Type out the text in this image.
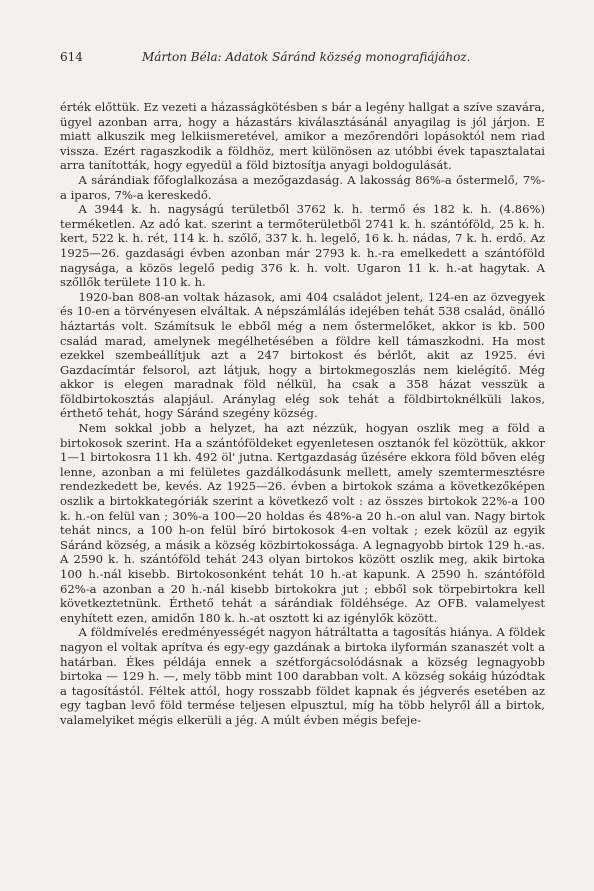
614	Márton Béla: Adatok Sáránd község monografiájához.

érték előttük. Ez vezeti a házasságkötésben s bár a legény hallgat a szíve szavára, ügyel azonban arra, hogy a házastárs kiválasztásánál anyagilag is jól járjon. E miatt alkuszik meg lelkiismeretével, amikor a mezőrendőri lopásoktól nem riad vissza. Ezért ragaszkodik a földhöz, mert különösen az utóbbi évek tapasztalatai arra tanították, hogy egyedül a föld biztosítja anyagi boldogulását.

A sárándiak főfoglalkozása a mezőgazdaság. A lakosság 86%-a őstermelő, 7%-a iparos, 7%-a kereskedő.

A 3944 k. h. nagyságú területből 3762 k. h. termő és 182 k. h. (4.86%) terméketlen. Az adó kat. szerint a termőterületből 2741 k. h. szántóföld, 25 k. h. kert, 522 k. h. rét, 114 k. h. szőlő, 337 k. h. legelő, 16 k. h. nádas, 7 k. h. erdő. Az 1925—26. gazdasági évben azonban már 2793 k. h.-ra emelkedett a szántóföld nagysága, a közös legelő pedig 376 k. h. volt. Ugaron 11 k. h.-at hagytak. A szőllők területe 110 k. h.

1920-ban 808-an voltak házasok, ami 404 családot jelent, 124-en az özvegyek és 10-en a törvényesen elváltak. A népszámlálás idejében tehát 538 család, önálló háztartás volt. Számítsuk le ebből még a nem őstermelőket, akkor is kb. 500 család marad, amelynek megélhetésében a földre kell támaszkodni. Ha most ezekkel szembeállítjuk azt a 247 birtokost és bérlőt, akit az 1925. évi Gazdacímtár felsorol, azt látjuk, hogy a birtokmegoszlás nem kielégítő. Még akkor is elegen maradnak föld nélkül, ha csak a 358 házat vesszük a földbirtokosztás alapjául. Aránylag elég sok tehát a földbirtoknélküli lakos, érthető tehát, hogy Sáránd szegény község.

Nem sokkal jobb a helyzet, ha azt nézzük, hogyan oszlik meg a föld a birtokosok szerint. Ha a szántóföldeket egyenletesen osztanók fel közöttük, akkor 1—1 birtokosra 11 kh. 492 öl' jutna. Kertgazdaság űzésére ekkora föld bőven elég lenne, azonban a mi felületes gazdálkodásunk mellett, amely szemtermesztésre rendezkedett be, kevés. Az 1925—26. évben a birtokok száma a következőképen oszlik a birtokkategóriák szerint a következő volt : az összes birtokok 22%-a 100 k. h.-on felül van ; 30%-a 100—20 holdas és 48%-a 20 h.-on alul van. Nagy birtok tehát nincs, a 100 h-on felül bíró birtokosok 4-en voltak ; ezek közül az egyik Sáránd község, a másik a község közbirtokossága. A legnagyobb birtok 129 h.-as. A 2590 k. h. szántóföld tehát 243 olyan birtokos között oszlik meg, akik birtoka 100 h.-nál kisebb. Birtokosonként tehát 10 h.-at kapunk. A 2590 h. szántóföld 62%-a azonban a 20 h.-nál kisebb birtokokra jut ; ebből sok törpebirtokra kell következtetnünk. Érthető tehát a sárándiak földéhsége. Az OFB. valamelyest enyhített ezen, amidőn 180 k. h.-at osztott ki az igénylők között.

A földmívelés eredményességét nagyon hátráltatta a tagosítás hiánya. A földek nagyon el voltak aprítva és egy-egy gazdának a birtoka ilyformán szanaszét volt a határban. Ékes példája ennek a szétforgácsolódásnak a község legnagyobb birtoka — 129 h. —, mely több mint 100 darabban volt. A község sokáig húzódtak a tagosítástól. Féltek attól, hogy rosszabb földet kapnak és jégverés esetében az egy tagban levő föld termése teljesen elpusztul, míg ha több helyről áll a birtok, valamelyiket mégis elkerüli a jég. A múlt évben mégis befeje-
